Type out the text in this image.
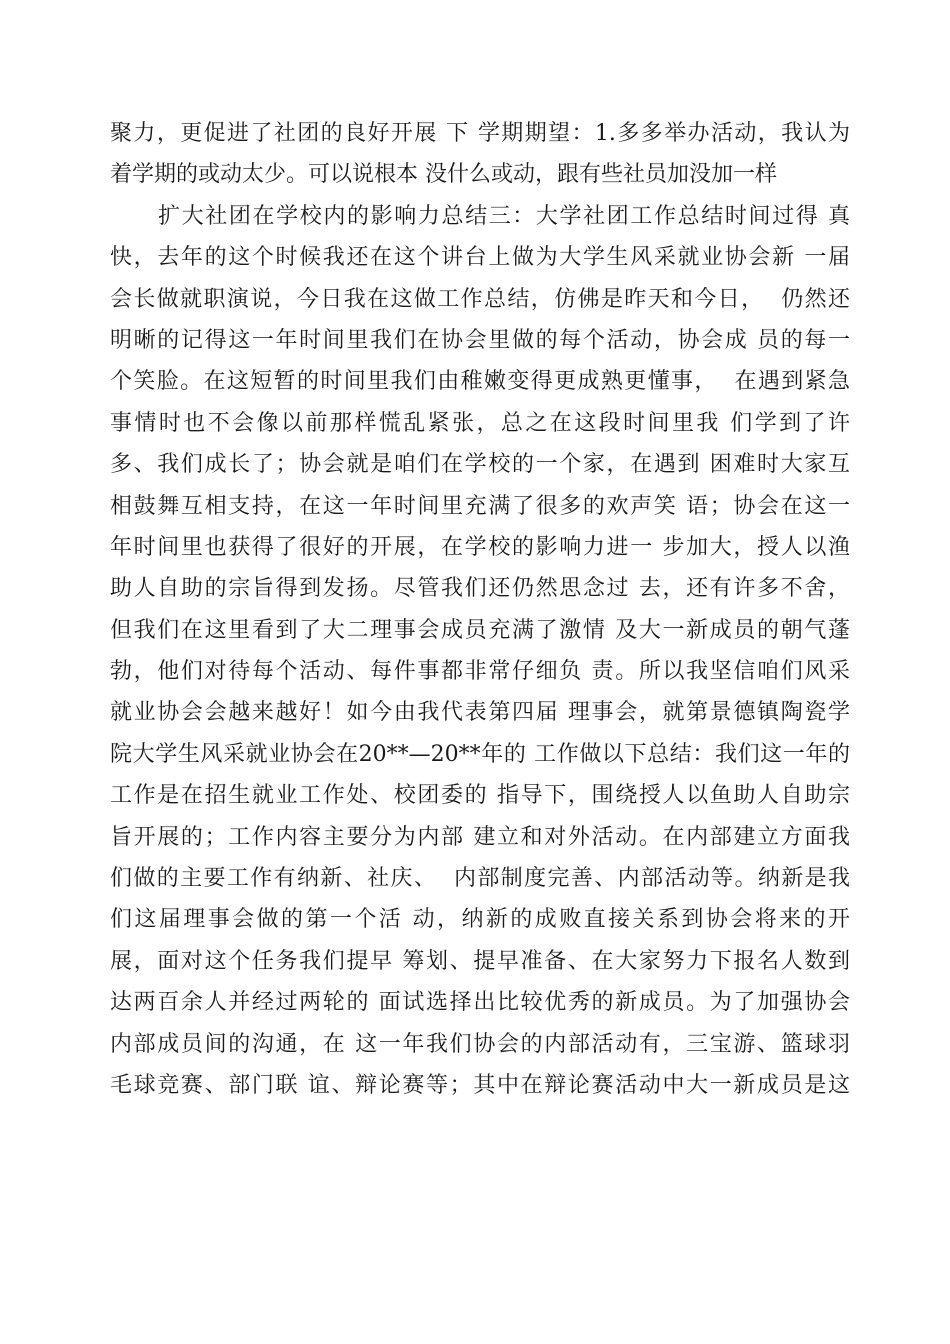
聚力，更促进了社团的良好开展 下 学期期望：1.多多举办活动，我认为
着学期的或动太少。可以说根本 没什么或动，跟有些社员加没加一样
扩大社团在学校内的影响力总结三：大学社团工作总结时间过得 真
快，去年的这个时候我还在这个讲台上做为大学生风采就业协会新 一届
会长做就职演说，今日我在这做工作总结，仿佛是昨天和今日，  仍然还
明晰的记得这一年时间里我们在协会里做的每个活动，协会成 员的每一
个笑脸。在这短暂的时间里我们由稚嫩变得更成熟更懂事，  在遇到紧急
事情时也不会像以前那样慌乱紧张，总之在这段时间里我 们学到了许
多、我们成长了；协会就是咱们在学校的一个家，在遇到 困难时大家互
相鼓舞互相支持，在这一年时间里充满了很多的欢声笑 语；协会在这一
年时间里也获得了很好的开展，在学校的影响力进一 步加大，授人以渔
助人自助的宗旨得到发扬。尽管我们还仍然思念过 去，还有许多不舍，
但我们在这里看到了大二理事会成员充满了激情 及大一新成员的朝气蓬
勃，他们对待每个活动、每件事都非常仔细负 责。所以我坚信咱们风采
就业协会会越来越好！如今由我代表第四届 理事会，就第景德镇陶瓷学
院大学生风采就业协会在20**—20**年的 工作做以下总结：我们这一年的
工作是在招生就业工作处、校团委的 指导下，围绕授人以鱼助人自助宗
旨开展的；工作内容主要分为内部 建立和对外活动。在内部建立方面我
们做的主要工作有纳新、社庆、  内部制度完善、内部活动等。纳新是我
们这届理事会做的第一个活 动，纳新的成败直接关系到协会将来的开
展，面对这个任务我们提早 筹划、提早准备、在大家努力下报名人数到
达两百余人并经过两轮的 面试选择出比较优秀的新成员。为了加强协会
内部成员间的沟通，在 这一年我们协会的内部活动有，三宝游、篮球羽
毛球竞赛、部门联 谊、辩论赛等；其中在辩论赛活动中大一新成员是这
